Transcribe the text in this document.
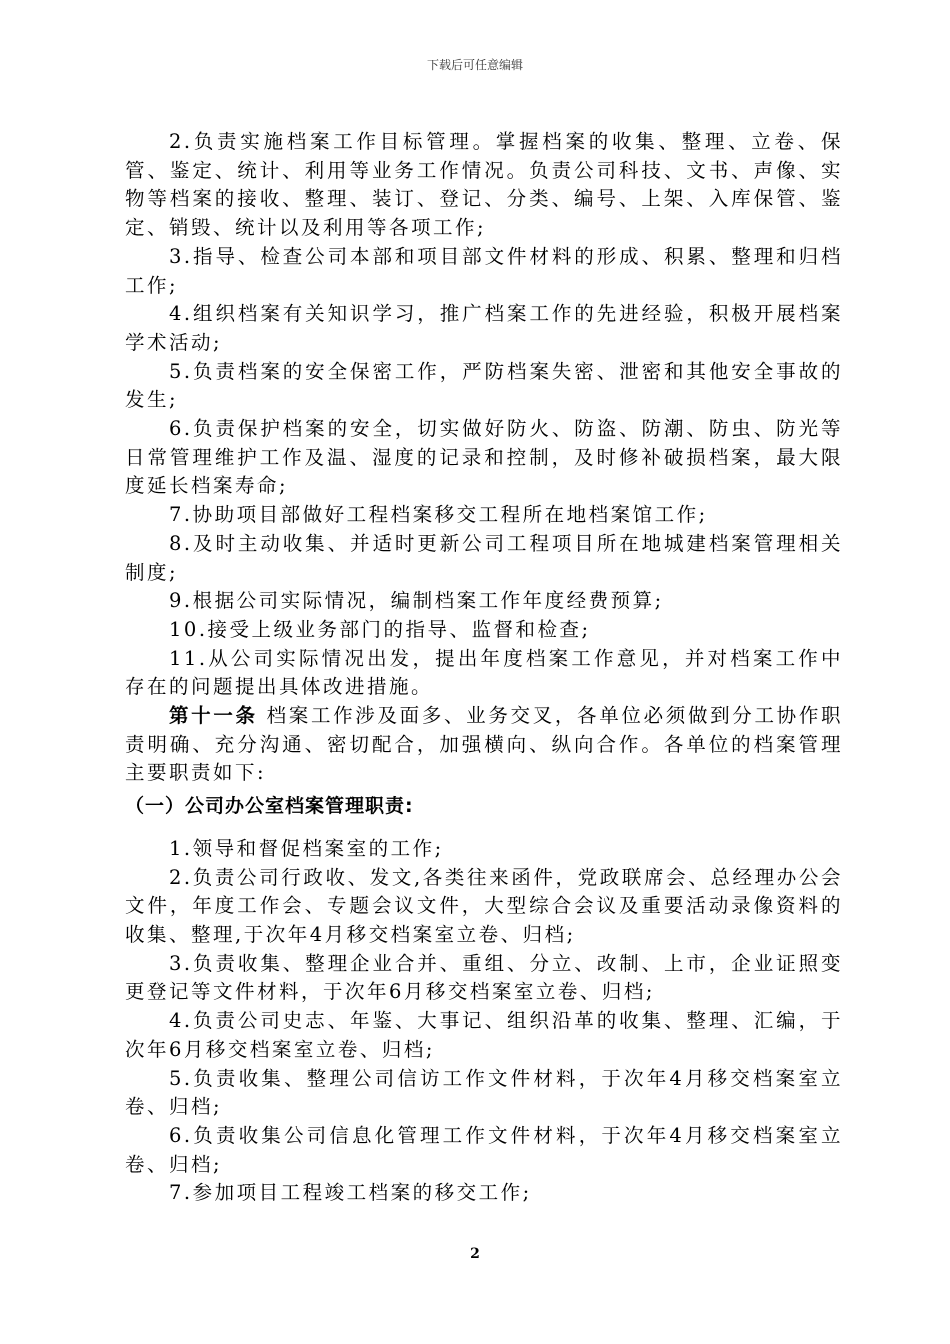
下载后可任意编辑

2.负责实施档案工作目标管理。掌握档案的收集、整理、立卷、保管、鉴定、统计、利用等业务工作情况。负责公司科技、文书、声像、实物等档案的接收、整理、装订、登记、分类、编号、上架、入库保管、鉴定、销毁、统计以及利用等各项工作;

3.指导、检查公司本部和项目部文件材料的形成、积累、整理和归档工作;

4.组织档案有关知识学习，推广档案工作的先进经验，积极开展档案学术活动;

5.负责档案的安全保密工作，严防档案失密、泄密和其他安全事故的发生;

6.负责保护档案的安全，切实做好防火、防盗、防潮、防虫、防光等日常管理维护工作及温、湿度的记录和控制，及时修补破损档案，最大限度延长档案寿命;

7.协助项目部做好工程档案移交工程所在地档案馆工作;

8.及时主动收集、并适时更新公司工程项目所在地城建档案管理相关制度;

9.根据公司实际情况，编制档案工作年度经费预算;

10.接受上级业务部门的指导、监督和检查;

11.从公司实际情况出发，提出年度档案工作意见，并对档案工作中存在的问题提出具体改进措施。

第十一条 档案工作涉及面多、业务交叉，各单位必须做到分工协作职责明确、充分沟通、密切配合，加强横向、纵向合作。各单位的档案管理主要职责如下:

（一）公司办公室档案管理职责:

1.领导和督促档案室的工作;

2.负责公司行政收、发文,各类往来函件，党政联席会、总经理办公会文件，年度工作会、专题会议文件，大型综合会议及重要活动录像资料的收集、整理,于次年4月移交档案室立卷、归档;

3.负责收集、整理企业合并、重组、分立、改制、上市，企业证照变更登记等文件材料，于次年6月移交档案室立卷、归档;

4.负责公司史志、年鉴、大事记、组织沿革的收集、整理、汇编，于次年6月移交档案室立卷、归档;

5.负责收集、整理公司信访工作文件材料，于次年4月移交档案室立卷、归档;

6.负责收集公司信息化管理工作文件材料，于次年4月移交档案室立卷、归档;

7.参加项目工程竣工档案的移交工作;

2
